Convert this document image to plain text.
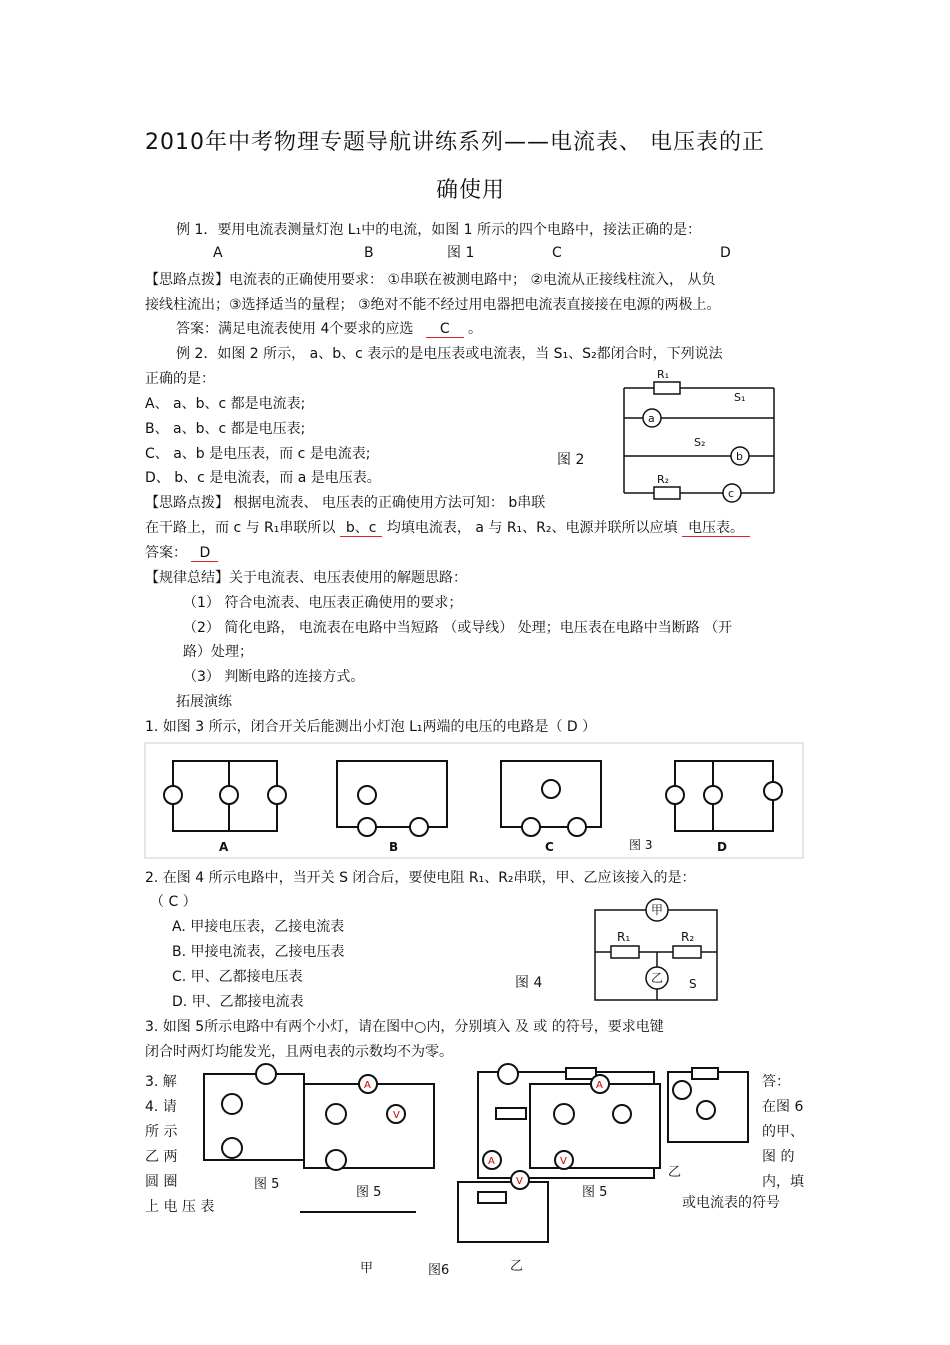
2010年中考物理专题导航讲练系列——电流表、 电压表的正
确使用
例 1．要用电流表测量灯泡 L₁中的电流，如图 1 所示的四个电路中，接法正确的是：
A	B	图 1	C	D
【思路点拨】电流表的正确使用要求： ①串联在被测电路中； ②电流从正接线柱流入， 从负
接线柱流出；③选择适当的量程； ③绝对不能不经过用电器把电流表直接接在电源的两极上。
答案：满足电流表使用 4个要求的应选 C 。
例 2．如图 2 所示， a、b、c 表示的是电压表或电流表，当 S₁、S₂都闭合时，下列说法
正确的是：
A、 a、b、c 都是电流表;
B、 a、b、c 都是电压表;
C、 a、b 是电压表，而 c 是电流表;
D、 b、c 是电流表，而 a 是电压表。
图 2
【思路点拨】 根据电流表、 电压表的正确使用方法可知： b串联
在干路上，而 c 与 R₁串联所以 b、c 均填电流表， a 与 R₁、R₂、电源并联所以应填 电压表。
答案： D
R₁
S₁
a
S₂
b
R₂
c
【规律总结】关于电流表、电压表使用的解题思路：
（1） 符合电流表、电压表正确使用的要求；
（2） 简化电路， 电流表在电路中当短路 （或导线） 处理；电压表在电路中当断路 （开
路）处理；
（3） 判断电路的连接方式。
拓展演练
1. 如图 3 所示，闭合开关后能测出小灯泡 L₁两端的电压的电路是（ D ）
A	B	C	D
图 3
2. 在图 4 所示电路中，当开关 S 闭合后，要使电阻 R₁、R₂串联，甲、乙应该接入的是：
（ C ）
A. 甲接电压表，乙接电流表
B. 甲接电流表，乙接电压表
C. 甲、乙都接电压表
D. 甲、乙都接电流表
图 4
甲
乙
R₁	R₂
S
3. 如图 5所示电路中有两个小灯，请在图中○内，分别填入 及 或 的符号，要求电键
闭合时两灯均能发光，且两电表的示数均不为零。
3. 解
4. 请
所 示
乙 两
圆 圈
上 电 压 表
答：
在图 6
的甲、
图 的
内，填
或电流表的符号
A
V
A
V
A
V
图 5
图 5	图 5
甲	图6	乙
乙
